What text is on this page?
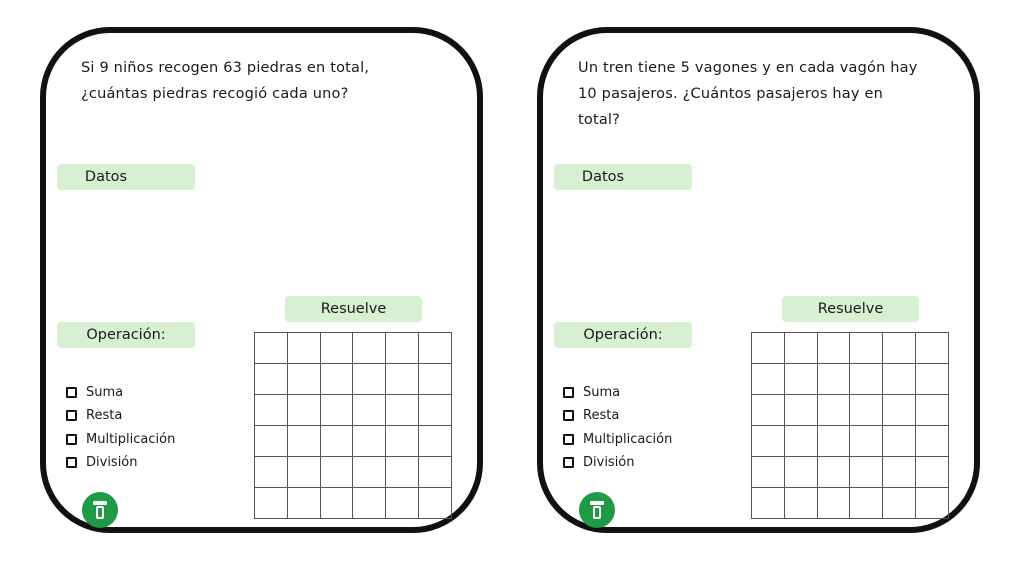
Si 9 niños recogen 63 piedras en total, ¿cuántas piedras recogió cada uno?
Datos
Resuelve
Operación:
Suma
Resta
Multiplicación
División
Un tren tiene 5 vagones y en cada vagón hay 10 pasajeros. ¿Cuántos pasajeros hay en total?
Datos
Resuelve
Operación:
Suma
Resta
Multiplicación
División
